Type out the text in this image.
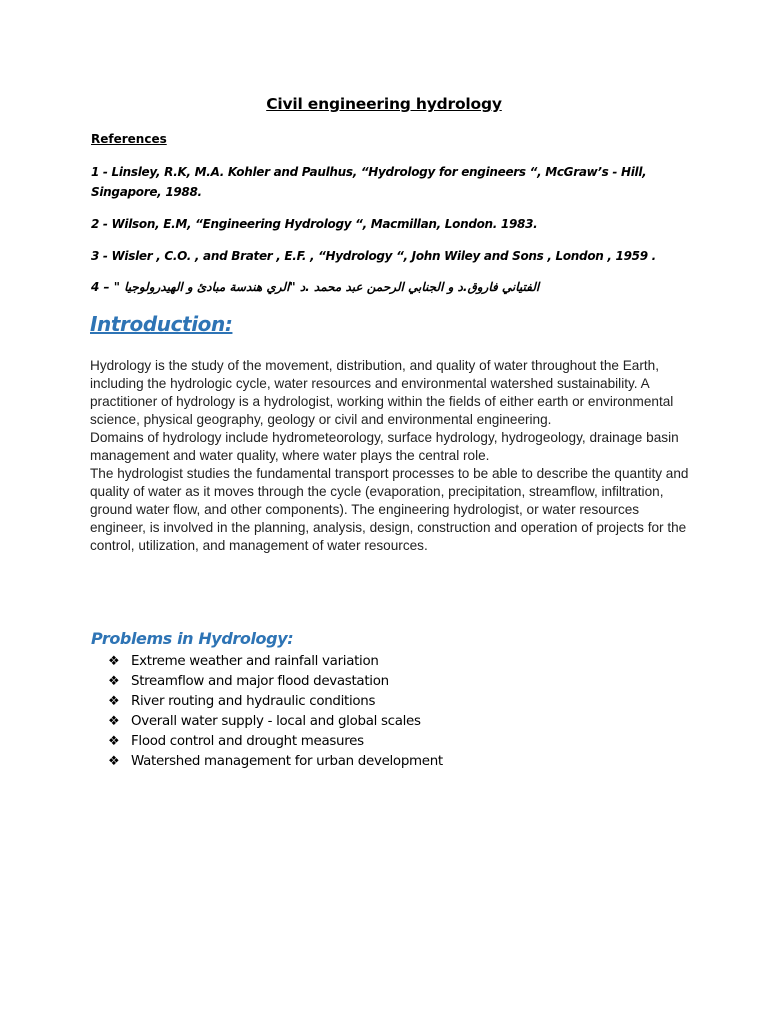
Civil engineering hydrology
References
1 - Linsley, R.K, M.A. Kohler and Paulhus, “Hydrology for engineers “, McGraw’s - Hill, Singapore, 1988.
2 - Wilson, E.M, “Engineering Hydrology “, Macmillan, London. 1983.
3 - Wisler , C.O. , and Brater , E.F. , “Hydrology “, John Wiley and Sons , London , 1959 .
4 – " الفتياني فاروق.د و الجنابي الرحمن عبد محمد .د "الري هندسة مبادئ و الهيدرولوجيا
Introduction:

Hydrology is the study of the movement, distribution, and quality of water throughout the Earth, including the hydrologic cycle, water resources and environmental watershed sustainability. A practitioner of hydrology is a hydrologist, working within the fields of either earth or environmental science, physical geography, geology or civil and environmental engineering.

Domains of hydrology include hydrometeorology, surface hydrology, hydrogeology, drainage basin management and water quality, where water plays the central role.

The hydrologist studies the fundamental transport processes to be able to describe the quantity and quality of water as it moves through the cycle (evaporation, precipitation, streamflow, infiltration, ground water flow, and other components). The engineering hydrologist, or water resources engineer, is involved in the planning, analysis, design, construction and operation of projects for the control, utilization, and management of water resources.

Problems in Hydrology:
❖ Extreme weather and rainfall variation
❖ Streamflow and major flood devastation
❖ River routing and hydraulic conditions
❖ Overall water supply - local and global scales
❖ Flood control and drought measures
❖ Watershed management for urban development
